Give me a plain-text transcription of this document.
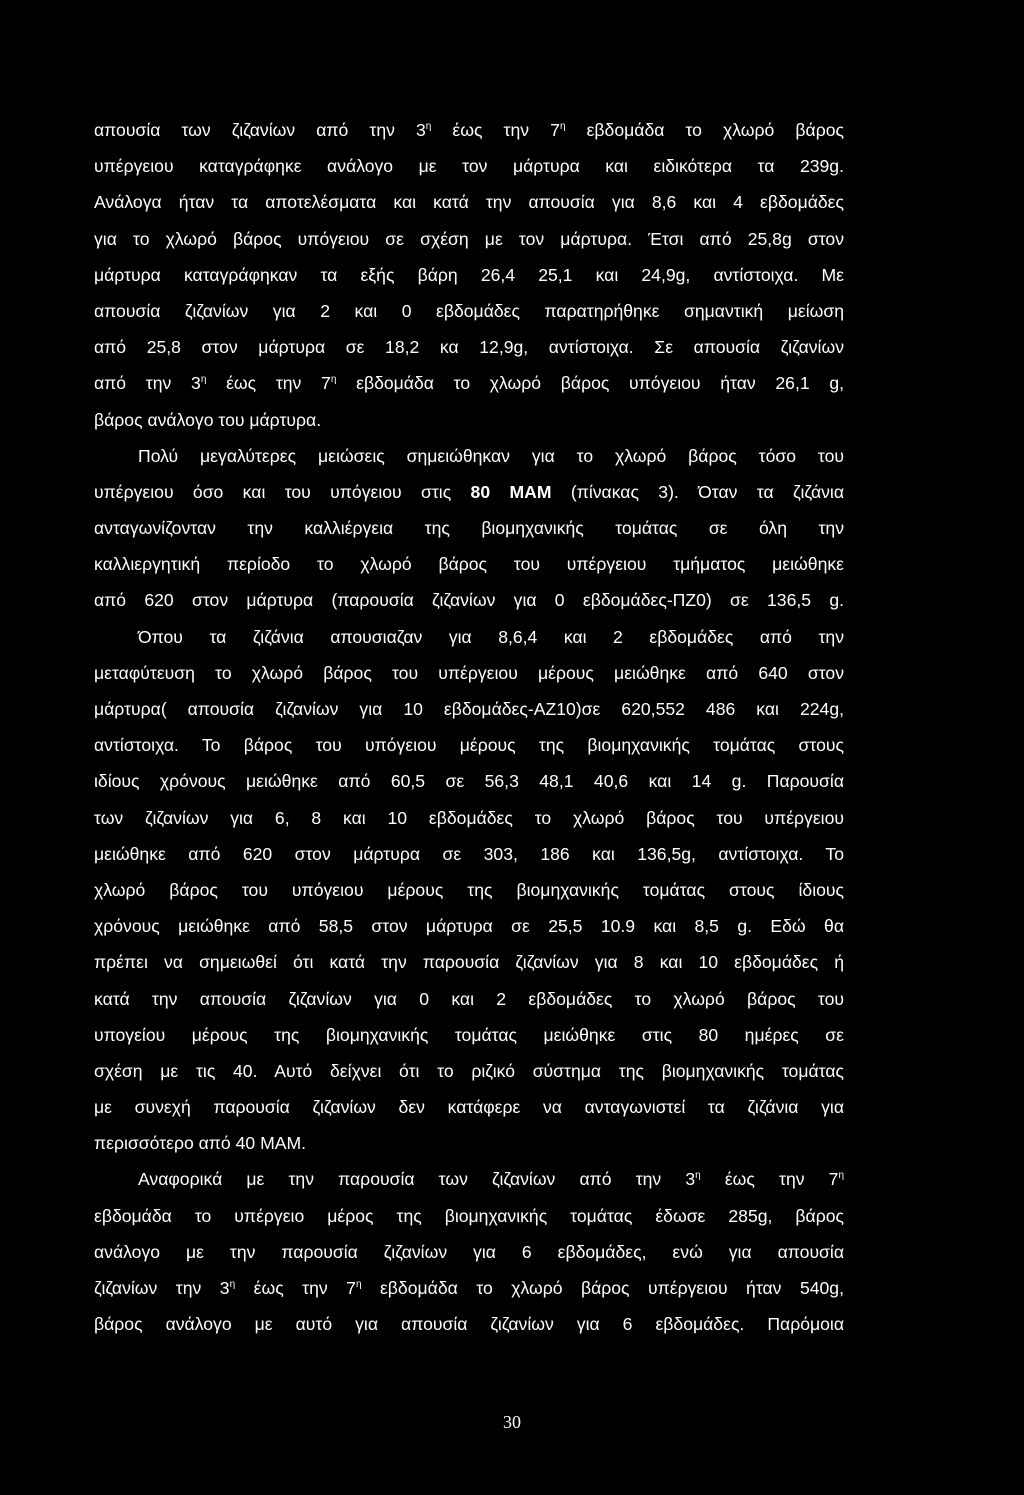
απουσία των ζιζανίων από την $3^\eta$ έως την $7^\eta$ εβδομάδα το χλωρό βάρος
υπέργειου καταγράφηκε ανάλογο με τον μάρτυρα και ειδικότερα τα 239g.
Ανάλογα ήταν τα αποτελέσματα και κατά την απουσία για 8,6 και 4 εβδομάδες
για το χλωρό βάρος υπόγειου σε σχέση με τον μάρτυρα. Έτσι από 25,8g στον
μάρτυρα καταγράφηκαν τα εξής βάρη 26,4 25,1 και 24,9g, αντίστοιχα. Με
απουσία ζιζανίων για 2 και 0 εβδομάδες παρατηρήθηκε σημαντική μείωση
από 25,8 στον μάρτυρα σε 18,2 κα 12,9g, αντίστοιχα. Σε απουσία ζιζανίων
από την $3^\eta$ έως την $7^\eta$ εβδομάδα το χλωρό βάρος υπόγειου ήταν 26,1 g,
βάρος ανάλογο του μάρτυρα.
Πολύ μεγαλύτερες μειώσεις σημειώθηκαν για το χλωρό βάρος τόσο του
υπέργειου όσο και του υπόγειου στις 80 ΜΑΜ (πίνακας 3). Όταν τα ζιζάνια
ανταγωνίζονταν την καλλιέργεια της βιομηχανικής τομάτας σε όλη την
καλλιεργητική περίοδο το χλωρό βάρος του υπέργειου τμήματος μειώθηκε
από 620 στον μάρτυρα (παρουσία ζιζανίων για 0 εβδομάδες-ΠΖ0) σε 136,5 g.
Όπου τα ζιζάνια απουσιαζαν για 8,6,4 και 2 εβδομάδες από την
μεταφύτευση το χλωρό βάρος του υπέργειου μέρους μειώθηκε από 640 στον
μάρτυρα( απουσία ζιζανίων για 10 εβδομάδες-ΑΖ10)σε 620,552 486 και 224g,
αντίστοιχα. Το βάρος του υπόγειου μέρους της βιομηχανικής τομάτας στους
ιδίους χρόνους μειώθηκε από 60,5 σε 56,3 48,1 40,6 και 14 g. Παρουσία
των ζιζανίων για 6, 8 και 10 εβδομάδες το χλωρό βάρος του υπέργειου
μειώθηκε από 620 στον μάρτυρα σε 303, 186 και 136,5g, αντίστοιχα. Το
χλωρό βάρος του υπόγειου μέρους της βιομηχανικής τομάτας στους ίδιους
χρόνους μειώθηκε από 58,5 στον μάρτυρα σε 25,5 10.9 και 8,5 g. Εδώ θα
πρέπει να σημειωθεί ότι κατά την παρουσία ζιζανίων για 8 και 10 εβδομάδες ή
κατά την απουσία ζιζανίων για 0 και 2 εβδομάδες το χλωρό βάρος του
υπογείου μέρους της βιομηχανικής τομάτας μειώθηκε στις 80 ημέρες σε
σχέση με τις 40. Αυτό δείχνει ότι το ριζικό σύστημα της βιομηχανικής τομάτας
με συνεχή παρουσία ζιζανίων δεν κατάφερε να ανταγωνιστεί τα ζιζάνια για
περισσότερο από 40 ΜΑΜ.
Αναφορικά με την παρουσία των ζιζανίων από την $3^\eta$ έως την $7^\eta$
εβδομάδα το υπέργειο μέρος της βιομηχανικής τομάτας έδωσε 285g, βάρος
ανάλογο με την παρουσία ζιζανίων για 6 εβδομάδες, ενώ για απουσία
ζιζανίων την $3^\eta$ έως την $7^\eta$ εβδομάδα το χλωρό βάρος υπέργειου ήταν 540g,
βάρος ανάλογο με αυτό για απουσία ζιζανίων για 6 εβδομάδες. Παρόμοια
30
